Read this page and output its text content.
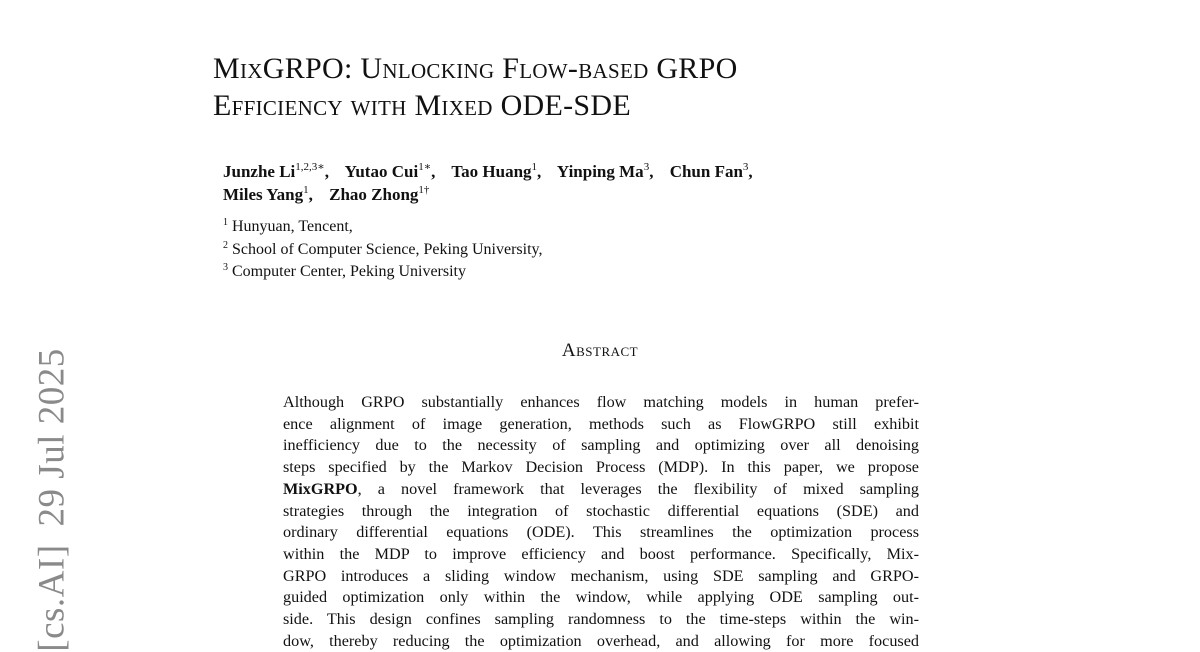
[cs.AI]29 Jul 2025
MixGRPO: Unlocking Flow-based GRPO
Efficiency with Mixed ODE-SDE
Junzhe $Li^{1,2,3∗}$, Yutao Cui$^{1∗}$, Tao Huang$^1$, Yinping Ma$^3$, Chun Fan$^3$,
Miles Yang$^1$, Zhao Zhong$^{1\dagger}$
$^1$ Hunyuan, Tencent,
$^2$ School of Computer Science, Peking University,
$^3$ Computer Center, Peking University
Abstract
Although GRPO substantially enhances flow matching models in human prefer-
ence alignment of image generation, methods such as FlowGRPO still exhibit
inefficiency due to the necessity of sampling and optimizing over all denoising
steps specified by the Markov Decision Process (MDP). In this paper, we propose
MixGRPO, a novel framework that leverages the flexibility of mixed sampling
strategies through the integration of stochastic differential equations (SDE) and
ordinary differential equations (ODE). This streamlines the optimization process
within the MDP to improve efficiency and boost performance. Specifically, Mix-
GRPO introduces a sliding window mechanism, using SDE sampling and GRPO-
guided optimization only within the window, while applying ODE sampling out-
side. This design confines sampling randomness to the time-steps within the win-
dow, thereby reducing the optimization overhead, and allowing for more focused
